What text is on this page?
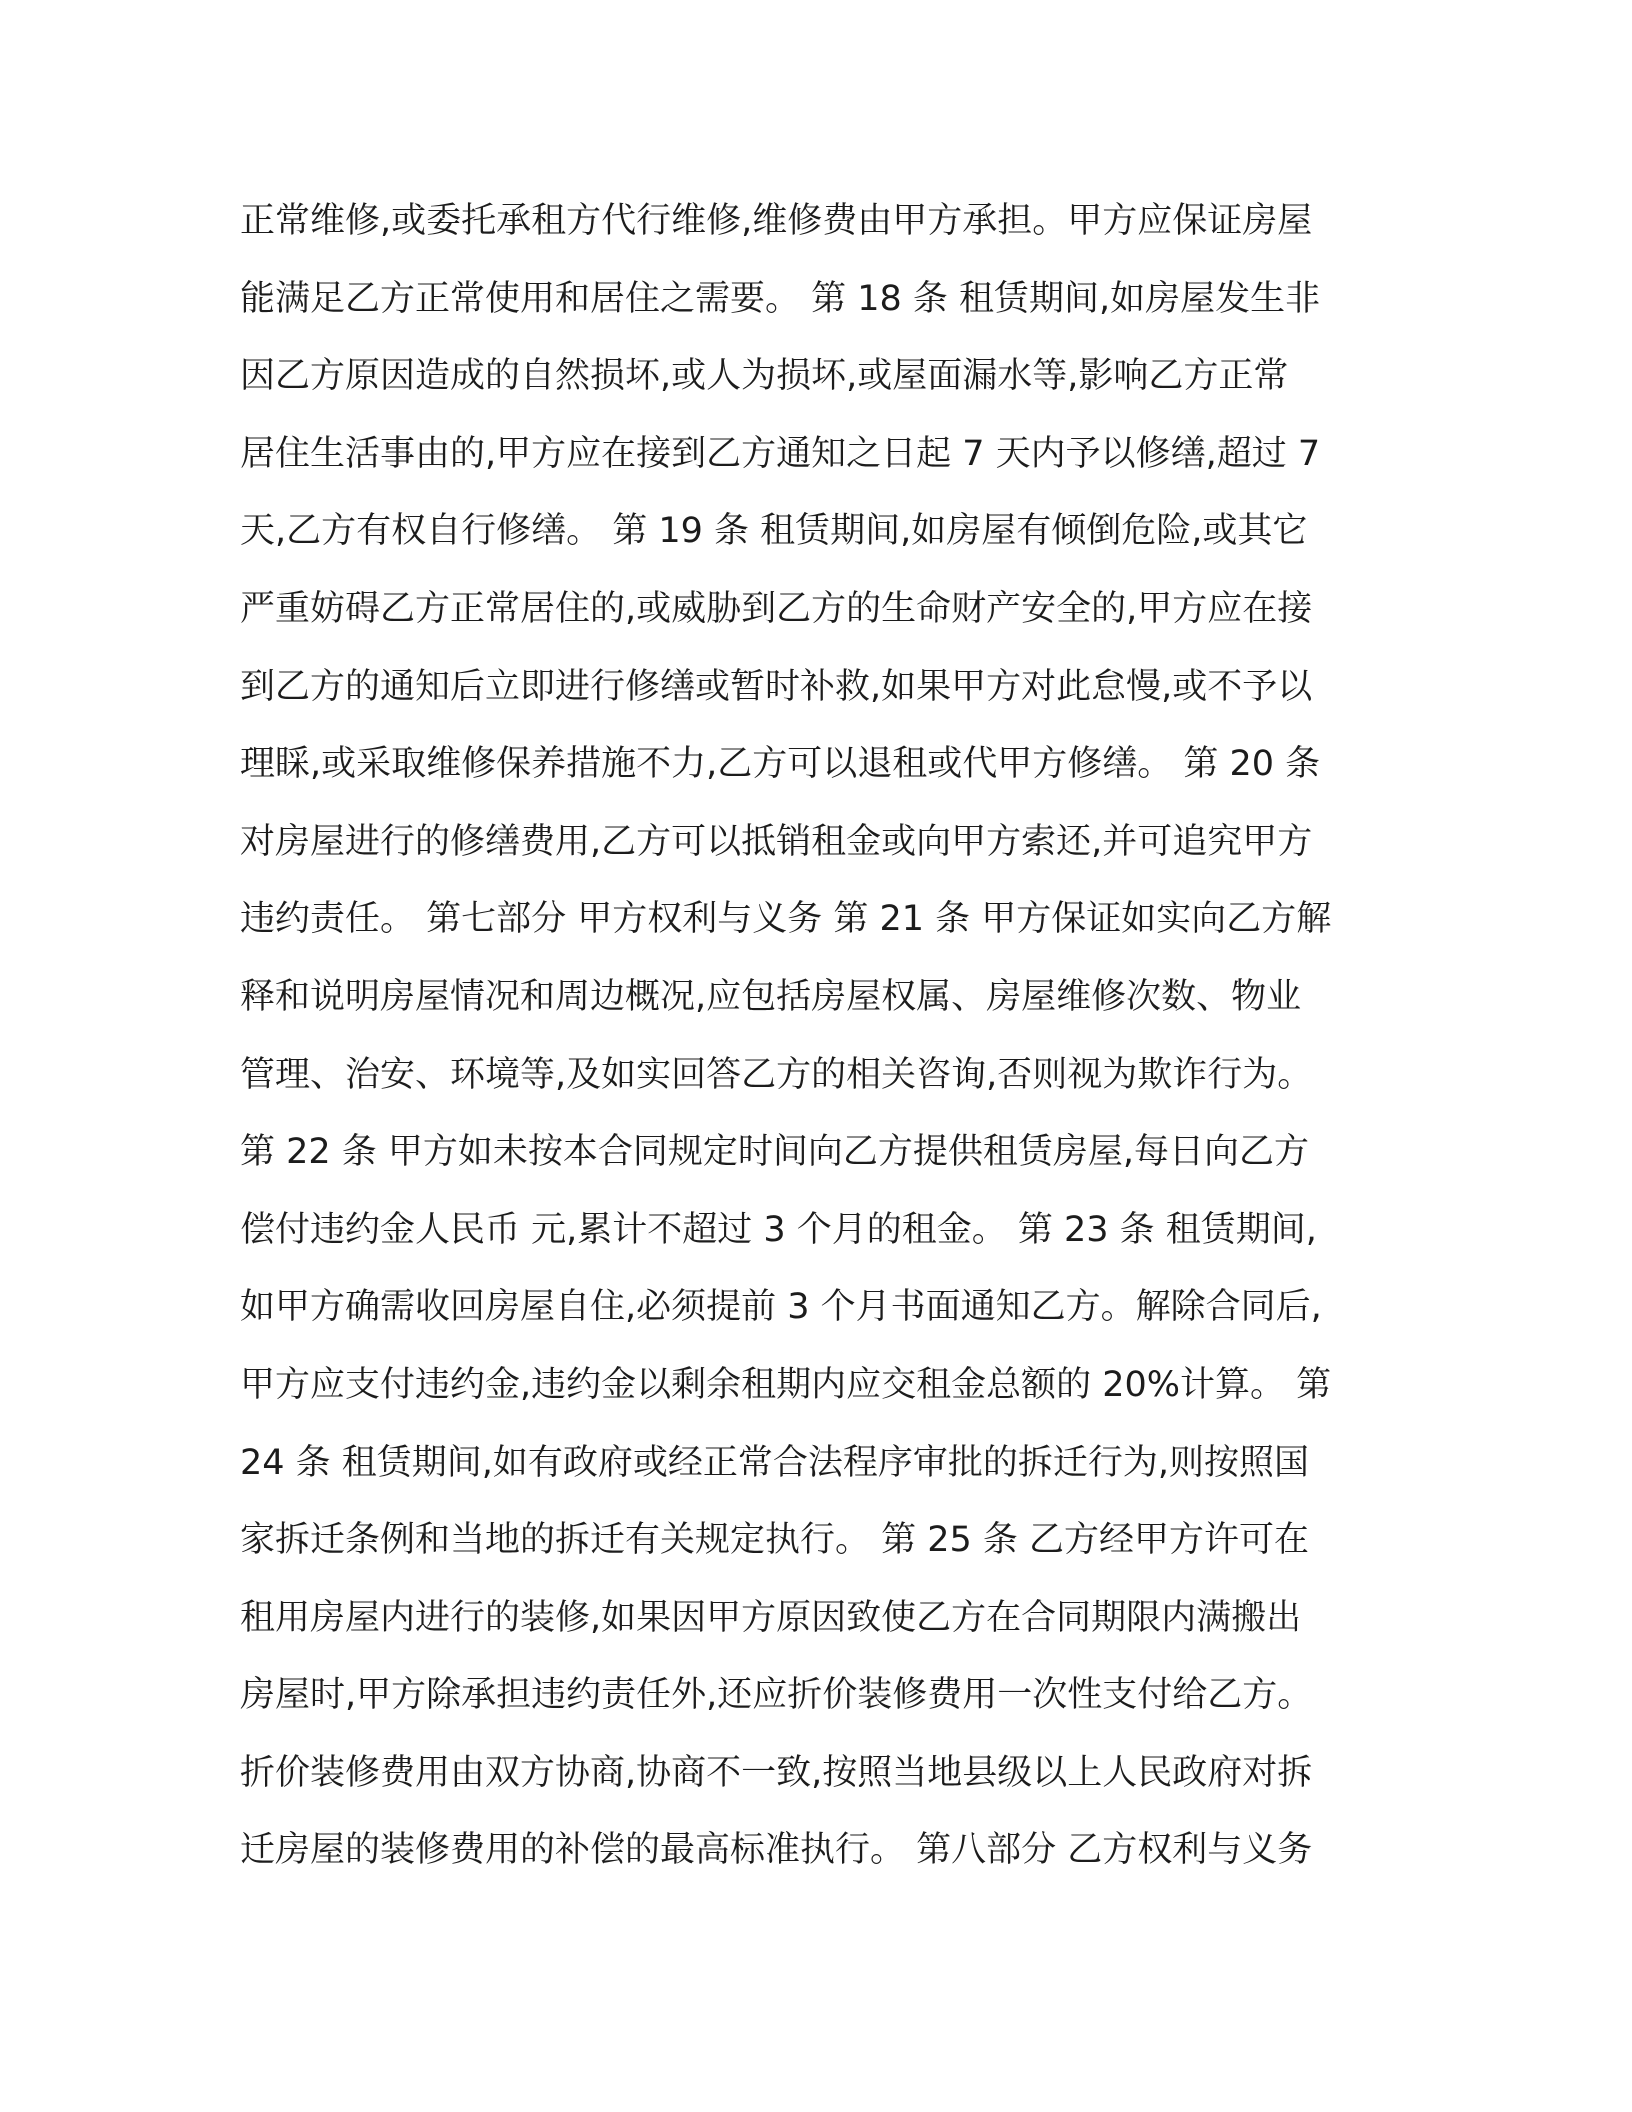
正常维修,或委托承租方代行维修,维修费由甲方承担。甲方应保证房屋
能满足乙方正常使用和居住之需要。 第 18 条 租赁期间,如房屋发生非
因乙方原因造成的自然损坏,或人为损坏,或屋面漏水等,影响乙方正常
居住生活事由的,甲方应在接到乙方通知之日起 7 天内予以修缮,超过 7
天,乙方有权自行修缮。 第 19 条 租赁期间,如房屋有倾倒危险,或其它
严重妨碍乙方正常居住的,或威胁到乙方的生命财产安全的,甲方应在接
到乙方的通知后立即进行修缮或暂时补救,如果甲方对此怠慢,或不予以
理睬,或采取维修保养措施不力,乙方可以退租或代甲方修缮。 第 20 条
对房屋进行的修缮费用,乙方可以抵销租金或向甲方索还,并可追究甲方
违约责任。 第七部分 甲方权利与义务 第 21 条 甲方保证如实向乙方解
释和说明房屋情况和周边概况,应包括房屋权属、房屋维修次数、物业
管理、治安、环境等,及如实回答乙方的相关咨询,否则视为欺诈行为。
第 22 条 甲方如未按本合同规定时间向乙方提供租赁房屋,每日向乙方
偿付违约金人民币 元,累计不超过 3 个月的租金。 第 23 条 租赁期间,
如甲方确需收回房屋自住,必须提前 3 个月书面通知乙方。解除合同后,
甲方应支付违约金,违约金以剩余租期内应交租金总额的 20%计算。 第
24 条 租赁期间,如有政府或经正常合法程序审批的拆迁行为,则按照国
家拆迁条例和当地的拆迁有关规定执行。 第 25 条 乙方经甲方许可在
租用房屋内进行的装修,如果因甲方原因致使乙方在合同期限内满搬出
房屋时,甲方除承担违约责任外,还应折价装修费用一次性支付给乙方。
折价装修费用由双方协商,协商不一致,按照当地县级以上人民政府对拆
迁房屋的装修费用的补偿的最高标准执行。 第八部分 乙方权利与义务
